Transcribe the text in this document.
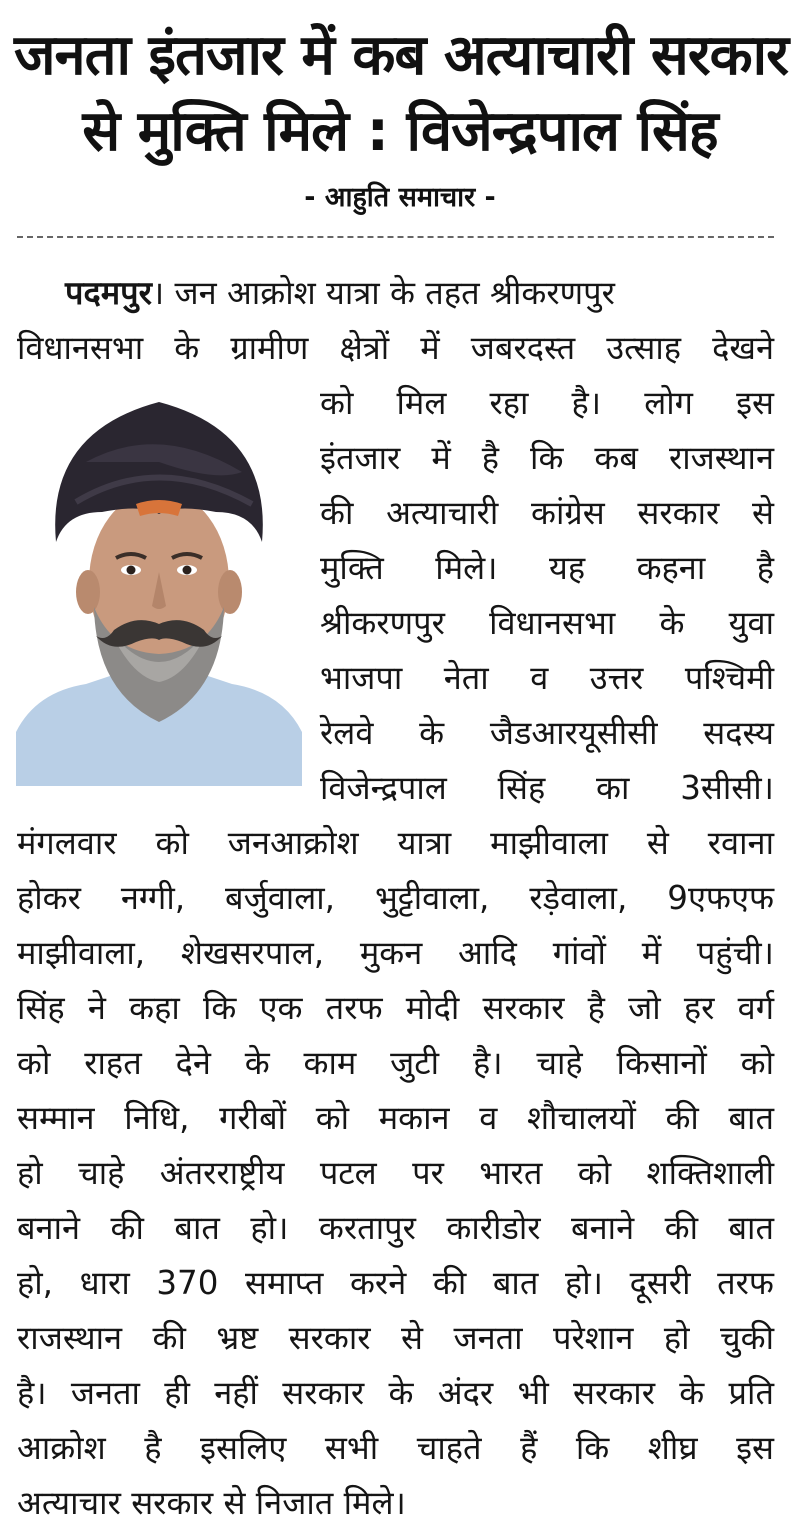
जनता इंतजार में कब अत्याचारी सरकार
से मुक्ति मिले : विजेन्द्रपाल सिंह
- आहुति समाचार -
पदमपुर। जन आक्रोश यात्रा के तहत श्रीकरणपुर
विधानसभा के ग्रामीण क्षेत्रों में जबरदस्त उत्साह देखने
को मिल रहा है। लोग इस
इंतजार में है कि कब राजस्थान
की अत्याचारी कांग्रेस सरकार से
मुक्ति मिले। यह कहना है
श्रीकरणपुर विधानसभा के युवा
भाजपा नेता व उत्तर पश्चिमी
रेलवे के जैडआरयूसीसी सदस्य
विजेन्द्रपाल सिंह का 3सीसी।
मंगलवार को जनआक्रोश यात्रा माझीवाला से रवाना
होकर नग्गी, बर्जुवाला, भुट्टीवाला, रड़ेवाला, 9एफएफ
माझीवाला, शेखसरपाल, मुकन आदि गांवों में पहुंची।
सिंह ने कहा कि एक तरफ मोदी सरकार है जो हर वर्ग
को राहत देने के काम जुटी है। चाहे किसानों को
सम्मान निधि, गरीबों को मकान व शौचालयों की बात
हो चाहे अंतरराष्ट्रीय पटल पर भारत को शक्तिशाली
बनाने की बात हो। करतापुर कारीडोर बनाने की बात
हो, धारा 370 समाप्त करने की बात हो। दूसरी तरफ
राजस्थान की भ्रष्ट सरकार से जनता परेशान हो चुकी
है। जनता ही नहीं सरकार के अंदर भी सरकार के प्रति
आक्रोश है इसलिए सभी चाहते हैं कि शीघ्र इस
अत्याचार सरकार से निजात मिले।
